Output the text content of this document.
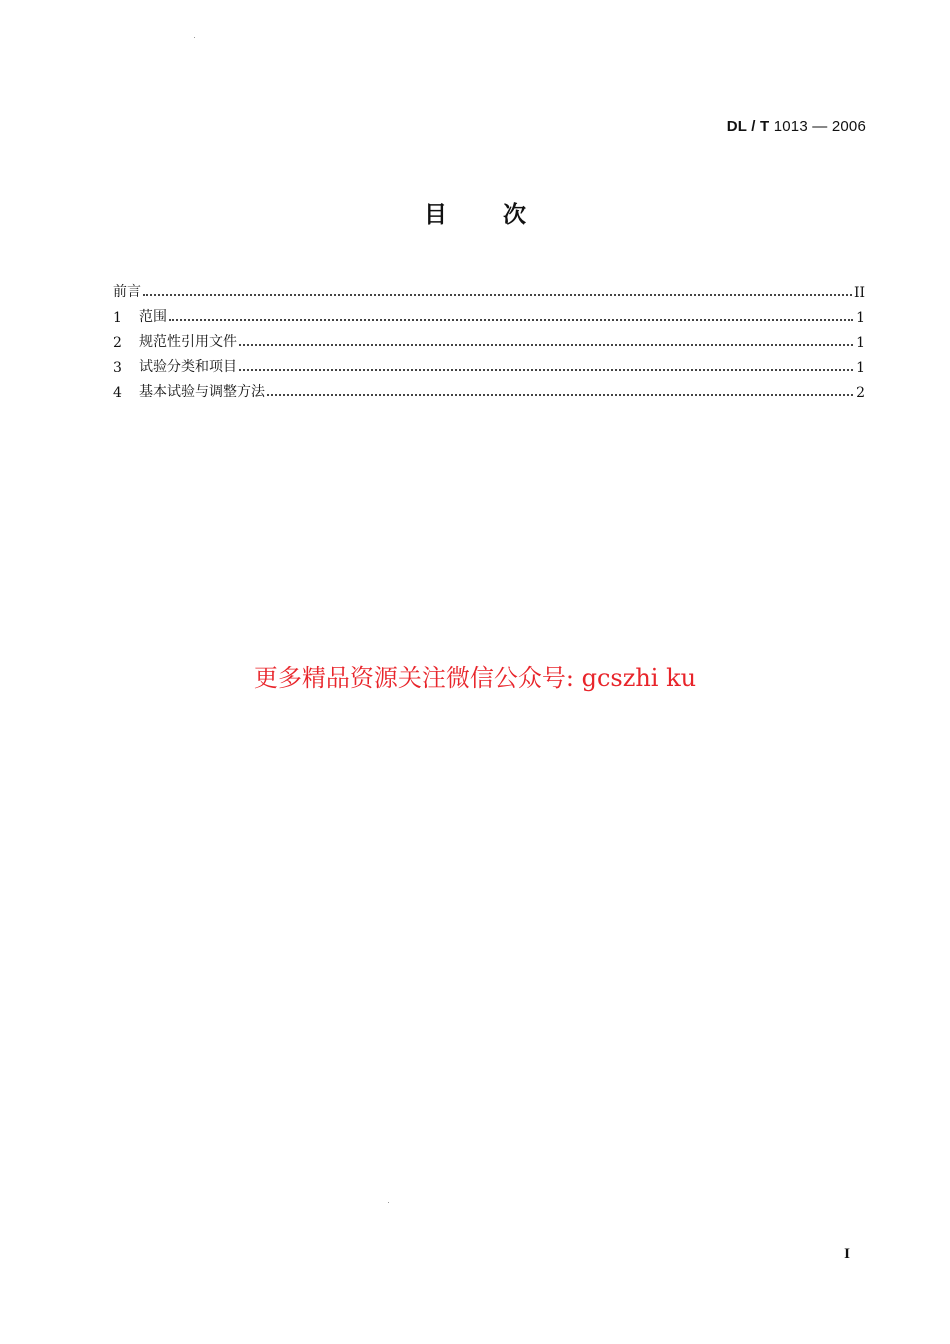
DL / T 1013 — 2006
目 次
前言	II
1	范围	1
2	规范性引用文件	1
3	试验分类和项目	1
4	基本试验与调整方法	2
更多精品资源关注微信公众号: gcszhi ku
I
